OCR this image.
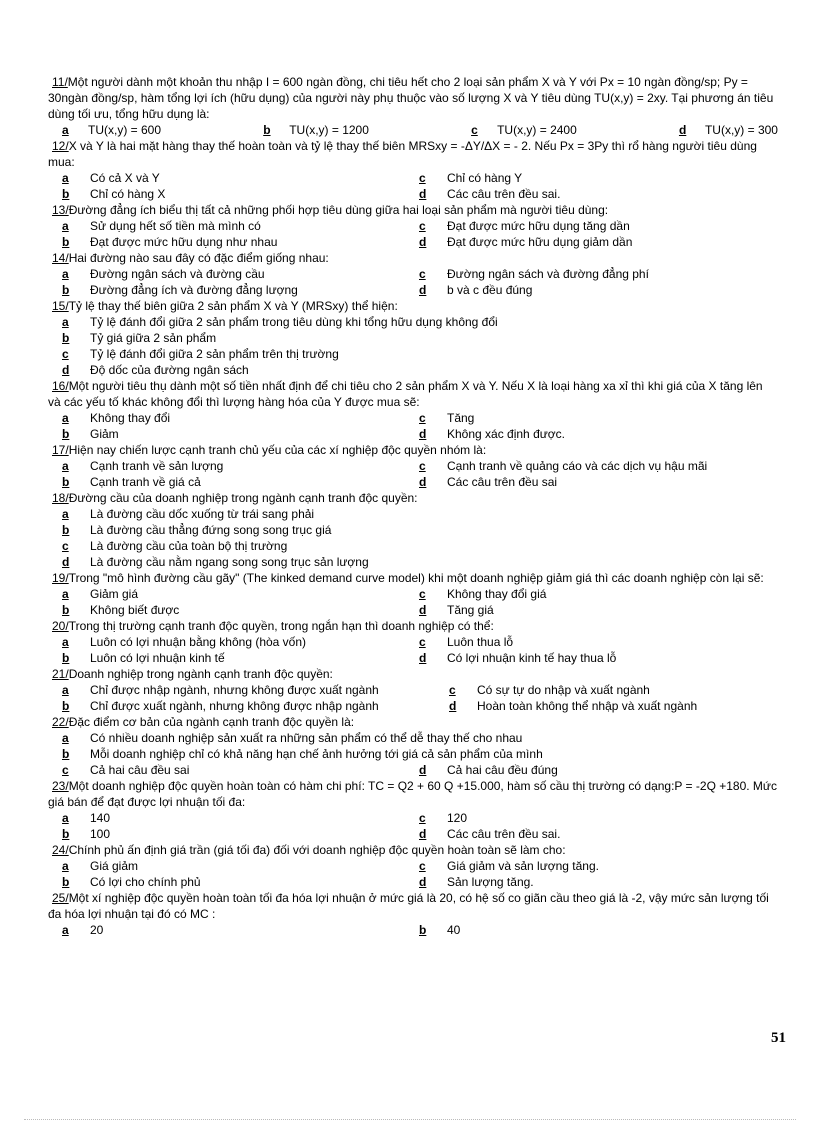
11/Một người dành một khoản thu nhập I = 600 ngàn đồng, chi tiêu hết cho 2 loại sản phẩm X và Y với Px = 10 ngàn đồng/sp; Py = 30ngàn đồng/sp, hàm tổng lợi ích (hữu dụng) của người này phụ thuộc vào số lượng X và Y tiêu dùng TU(x,y) = 2xy. Tại phương án tiêu dùng tối ưu, tổng hữu dụng là:

a TU(x,y) = 600	b TU(x,y) = 1200	c TU(x,y) = 2400	d TU(x,y) = 300

12/X và Y là hai mặt hàng thay thế hoàn toàn và tỷ lệ thay thế biên MRSxy = -ΔY/ΔX = - 2. Nếu Px = 3Py thì rổ hàng người tiêu dùng mua:

a	Có cả X và Y	c	Chỉ có hàng Y
b	Chỉ có hàng X	d	Các câu trên đều sai.

13/Đường đẳng ích biểu thị tất cả những phối hợp tiêu dùng giữa hai loại sản phẩm mà người tiêu dùng:

a	Sử dụng hết số tiền mà mình có	c	Đạt được mức hữu dụng tăng dần
b	Đạt được mức hữu dụng như nhau	d	Đạt được mức hữu dụng giảm dần

14/Hai đường nào sau đây có đặc điểm giống nhau:

a	Đường ngân sách và đường cầu	c	Đường ngân sách và đường đẳng phí
b	Đường đẳng ích và đường đẳng lượng	d	b và c đều đúng

15/Tỷ lệ thay thế biên giữa 2 sản phẩm X và Y (MRSxy) thể hiện:

a	Tỷ lệ đánh đổi giữa 2 sản phẩm trong tiêu dùng khi tổng hữu dụng không đổi
b	Tỷ giá giữa 2 sản phẩm
c	Tỷ lệ đánh đổi giữa 2 sản phẩm trên thị trường
d	Độ dốc của đường ngân sách

16/Một người tiêu thụ dành một số tiền nhất định để chi tiêu cho 2 sản phẩm X và Y. Nếu X là loại hàng xa xỉ thì khi giá của X tăng lên và các yếu tố khác không đổi thì lượng hàng hóa của Y được mua sẽ:

a	Không thay đổi	c	Tăng
b	Giảm	d	Không xác định được.

17/Hiện nay chiến lược cạnh tranh chủ yếu của các xí nghiệp độc quyền nhóm là:

a	Cạnh tranh về sản lượng	c	Cạnh tranh về quảng cáo và các dịch vụ hậu mãi
b	Cạnh tranh về giá cả	d	Các câu trên đều sai

18/Đường cầu của doanh nghiệp trong ngành cạnh tranh độc quyền:

a	Là đường cầu dốc xuống từ trái sang phải
b	Là đường cầu thẳng đứng song song trục giá
c	Là đường cầu của toàn bộ thị trường
d	Là đường cầu nằm ngang song song trục sản lượng

19/Trong "mô hình đường cầu gãy" (The kinked demand curve model) khi một doanh nghiệp giảm giá thì các doanh nghiệp còn lại sẽ:

a	Giảm giá	c	Không thay đổi giá
b	Không biết được	d	Tăng giá

20/Trong thị trường cạnh tranh độc quyền, trong ngắn hạn thì doanh nghiệp có thể:

a	Luôn có lợi nhuận bằng không (hòa vốn)	c	Luôn thua lỗ
b	Luôn có lợi nhuận kinh tế	d	Có lợi nhuận kinh tế hay thua lỗ

21/Doanh nghiệp trong ngành cạnh tranh độc quyền:

a	Chỉ được nhập ngành, nhưng không được xuất ngành	c	Có sự tự do nhập và xuất ngành
b	Chỉ được xuất ngành, nhưng không được nhập ngành	d	Hoàn toàn không thể nhập và xuất ngành

22/Đặc điểm cơ bản của ngành cạnh tranh độc quyền là:

a	Có nhiều doanh nghiệp sản xuất ra những sản phẩm có thể dễ thay thế cho nhau
b	Mỗi doanh nghiệp chỉ có khả năng hạn chế ảnh hưởng tới giá cả sản phẩm của mình
c	Cả hai câu đều sai	d	Cả hai câu đều đúng

23/Một doanh nghiệp độc quyền hoàn toàn có hàm chi phí: TC = Q2 + 60 Q +15.000, hàm số cầu thị trường có dạng:P = -2Q +180. Mức giá bán để đạt được lợi nhuận tối đa:

a	140	c	120
b	100	d	Các câu trên đều sai.

24/Chính phủ ấn định giá trần (giá tối đa) đối với doanh nghiệp độc quyền hoàn toàn sẽ làm cho:

a	Giá giảm	c	Giá giảm và sản lượng tăng.
b	Có lợi cho chính phủ	d	Sản lượng tăng.

25/Một xí nghiệp độc quyền hoàn toàn tối đa hóa lợi nhuận ở mức giá là 20, có hệ số co giãn cầu theo giá là -2, vậy mức sản lượng tối đa hóa lợi nhuận tại đó có MC :

a	20	b	40
51
